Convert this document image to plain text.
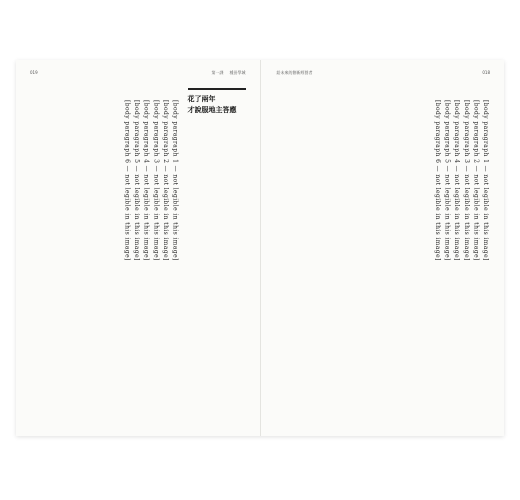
019	第一課 種田學城
花了兩年
才說服地主答應

[body paragraph 1 — not legible in this image]

[body paragraph 2 — not legible in this image]

[body paragraph 3 — not legible in this image]

[body paragraph 4 — not legible in this image]

[body paragraph 5 — not legible in this image]

[body paragraph 6 — not legible in this image]

給未來的創新經營者	018

[body paragraph 1 — not legible in this image]

[body paragraph 2 — not legible in this image]

[body paragraph 3 — not legible in this image]

[body paragraph 4 — not legible in this image]

[body paragraph 5 — not legible in this image]

[body paragraph 6 — not legible in this image]
